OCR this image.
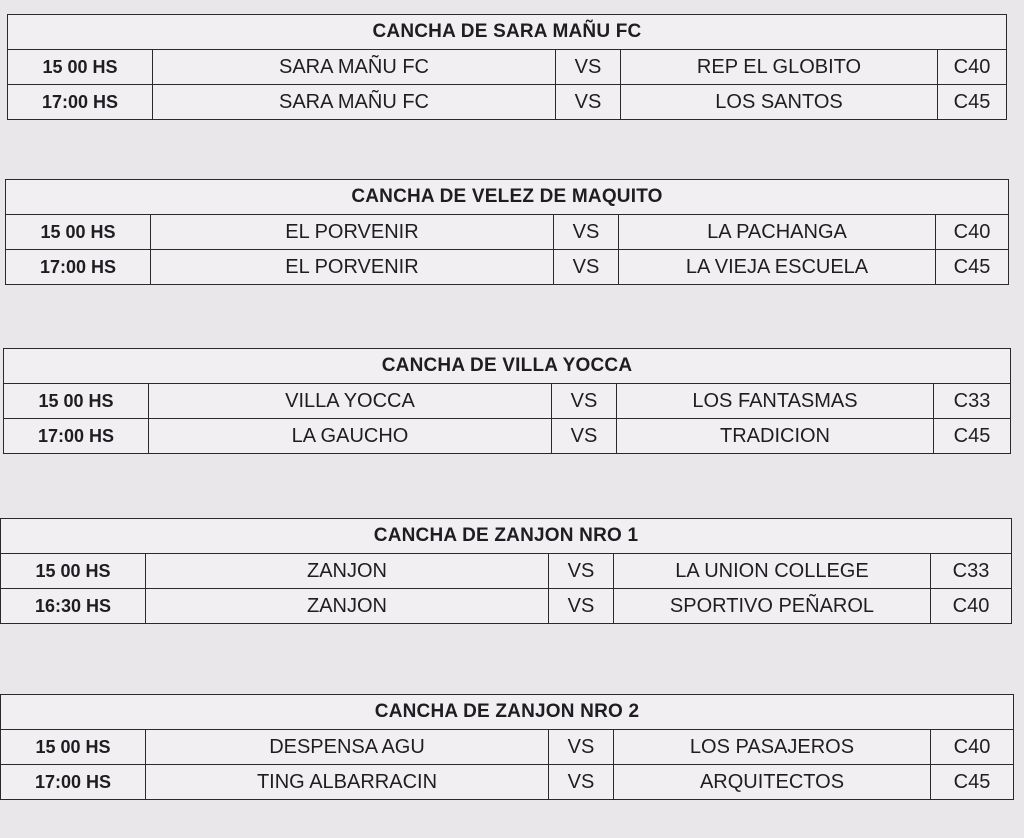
CANCHA DE SARA MAÑU FC
15 00 HS	SARA MAÑU FC	VS	REP EL GLOBITO	C40
17:00 HS	SARA MAÑU FC	VS	LOS SANTOS	C45
CANCHA DE VELEZ DE MAQUITO
15 00 HS	EL PORVENIR	VS	LA PACHANGA	C40
17:00 HS	EL PORVENIR	VS	LA VIEJA ESCUELA	C45
CANCHA DE VILLA YOCCA
15 00 HS	VILLA YOCCA	VS	LOS FANTASMAS	C33
17:00 HS	LA GAUCHO	VS	TRADICION	C45
CANCHA DE ZANJON NRO 1
15 00 HS	ZANJON	VS	LA UNION COLLEGE	C33
16:30 HS	ZANJON	VS	SPORTIVO PEÑAROL	C40
CANCHA DE ZANJON NRO 2
15 00 HS	DESPENSA AGU	VS	LOS PASAJEROS	C40
17:00 HS	TING ALBARRACIN	VS	ARQUITECTOS	C45
